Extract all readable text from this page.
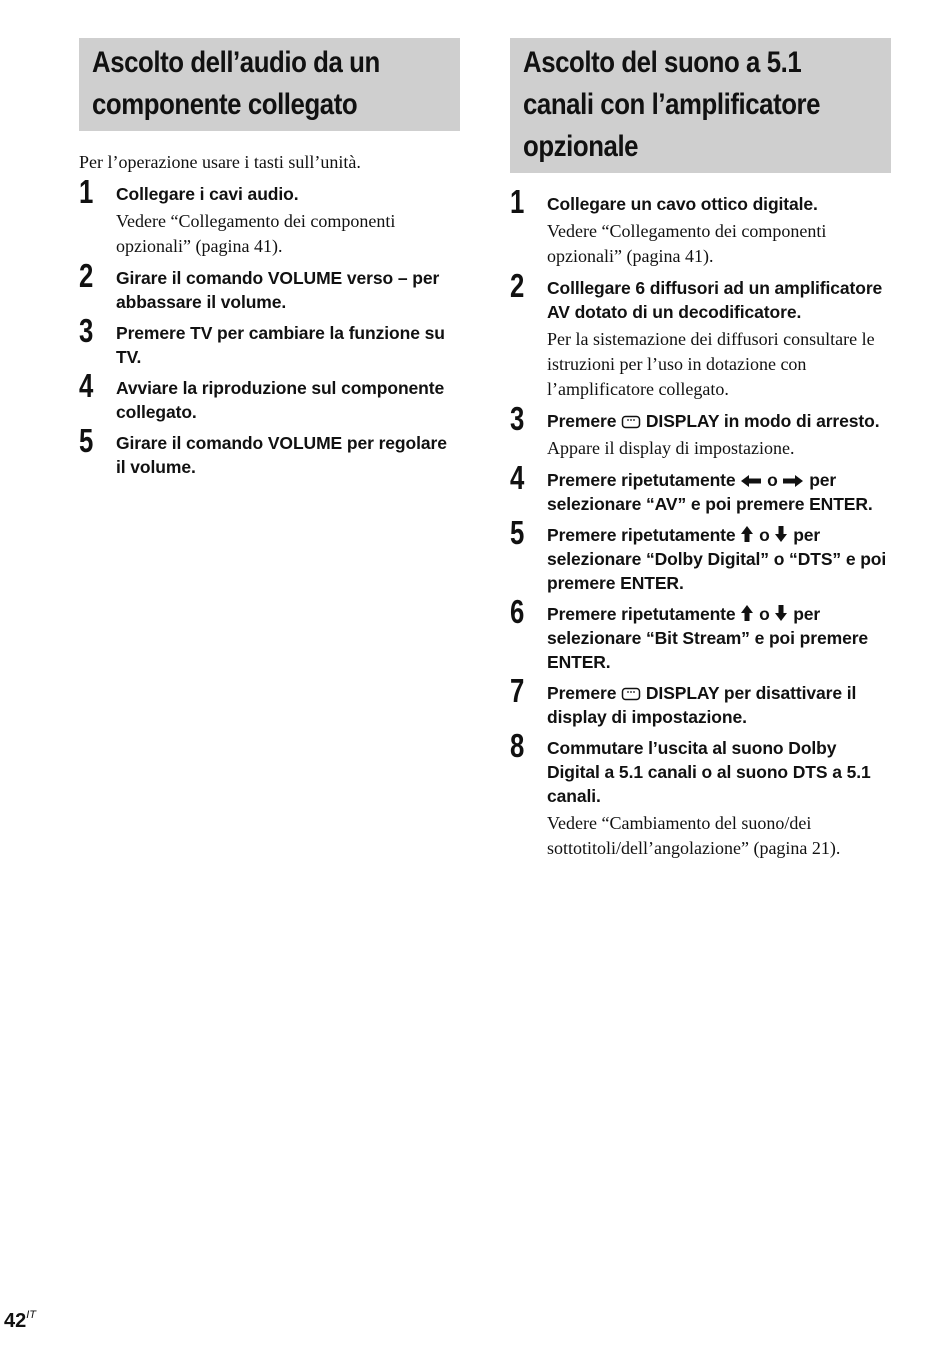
Ascolto dell’audio da un
componente collegato
Per l’operazione usare i tasti sull’unità.
1 Collegare i cavi audio.
Vedere “Collegamento dei componenti opzionali” (pagina 41).
2 Girare il comando VOLUME verso – per abbassare il volume.
3 Premere TV per cambiare la funzione su TV.
4 Avviare la riproduzione sul componente collegato.
5 Girare il comando VOLUME per regolare il volume.
Ascolto del suono a 5.1
canali con l’amplificatore
opzionale
1 Collegare un cavo ottico digitale.
Vedere “Collegamento dei componenti opzionali” (pagina 41).
2 Colllegare 6 diffusori ad un amplificatore AV dotato di un decodificatore.
Per la sistemazione dei diffusori consultare le istruzioni per l’uso in dotazione con l’amplificatore collegato.
3 Premere DISPLAY in modo di arresto.
Appare il display di impostazione.
4 Premere ripetutamente o per selezionare “AV” e poi premere ENTER.
5 Premere ripetutamente o per selezionare “Dolby Digital” o “DTS” e poi premere ENTER.
6 Premere ripetutamente o per selezionare “Bit Stream” e poi premere ENTER.
7 Premere DISPLAY per disattivare il display di impostazione.
8 Commutare l’uscita al suono Dolby Digital a 5.1 canali o al suono DTS a 5.1 canali.
Vedere “Cambiamento del suono/dei sottotitoli/dell’angolazione” (pagina 21).
$42^{IT}$
